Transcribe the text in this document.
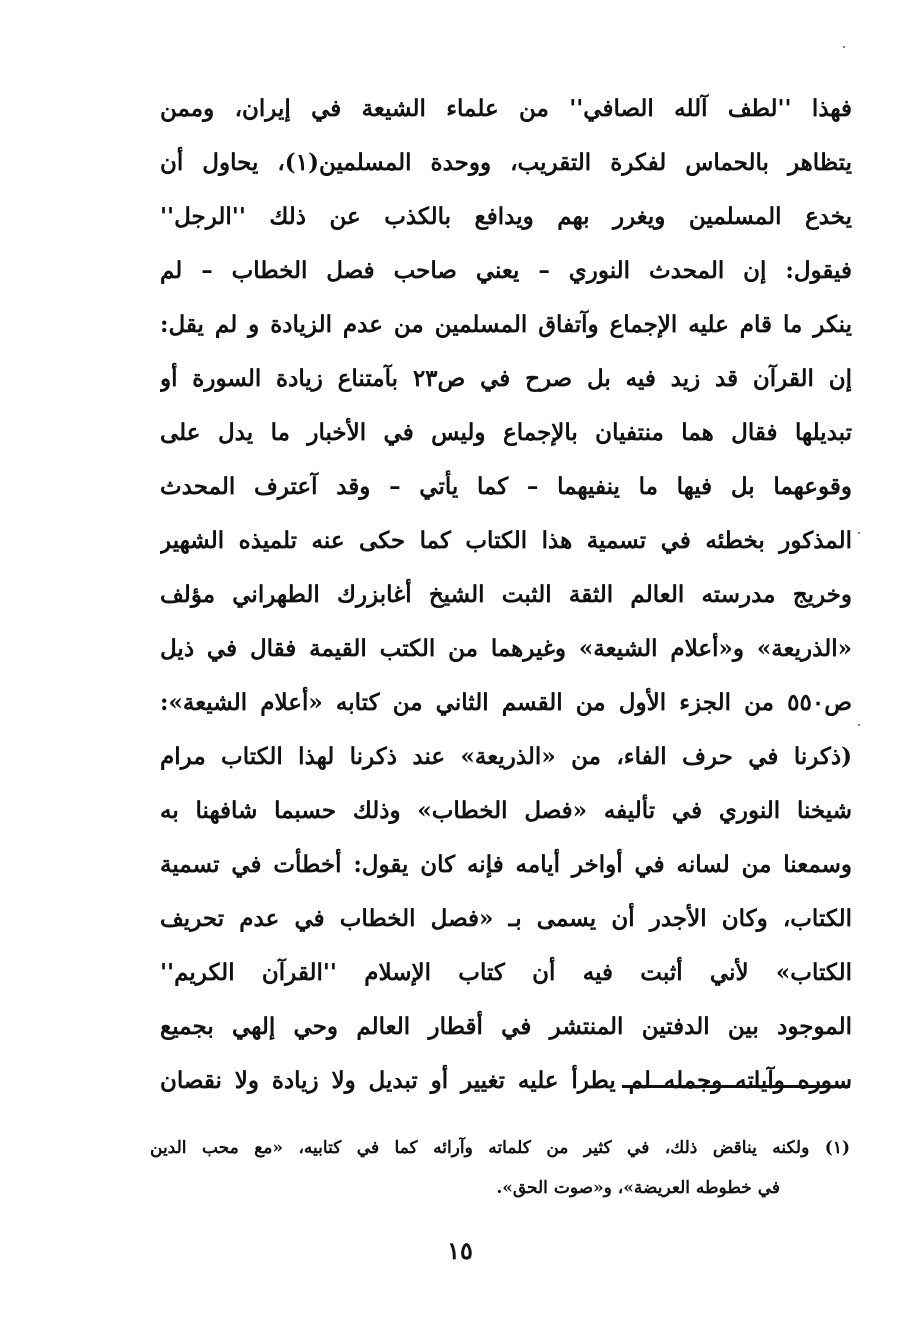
فهذا ''لطف آلله الصافي'' من علماء الشيعة في إيران، وممن
يتظاهر بالحماس لفكرة التقريب، ووحدة المسلمين(١)، يحاول أن
يخدع المسلمين ويغرر بهم ويدافع بالكذب عن ذلك ''الرجل''
فيقول: إن المحدث النوري – يعني صاحب فصل الخطاب – لم
ينكر ما قام عليه الإجماع وآتفاق المسلمين من عدم الزيادة و لم يقل:
إن القرآن قد زيد فيه بل صرح في ص٢٣ بآمتناع زيادة السورة أو
تبديلها فقال هما منتفيان بالإجماع وليس في الأخبار ما يدل على
وقوعهما بل فيها ما ينفيهما – كما يأتي – وقد آعترف المحدث
المذكور بخطئه في تسمية هذا الكتاب كما حكى عنه تلميذه الشهير
وخريج مدرسته العالم الثقة الثبت الشيخ أغابزرك الطهراني مؤلف
«الذريعة» و«أعلام الشيعة» وغيرهما من الكتب القيمة فقال في ذيل
ص٥٥٠ من الجزء الأول من القسم الثاني من كتابه «أعلام الشيعة»:
(ذكرنا في حرف الفاء، من «الذريعة» عند ذكرنا لهذا الكتاب مرام
شيخنا النوري في تأليفه «فصل الخطاب» وذلك حسبما شافهنا به
وسمعنا من لسانه في أواخر أيامه فإنه كان يقول: أخطأت في تسمية
الكتاب، وكان الأجدر أن يسمى بـ «فصل الخطاب في عدم تحريف
الكتاب» لأني أثبت فيه أن كتاب الإسلام ''القرآن الكريم''
الموجود بين الدفتين المنتشر في أقطار العالم وحي إلهي بجميع
سوره وآياته وجمله لم يطرأ عليه تغيير أو تبديل ولا زيادة ولا نقصان
(١) ولكنه يناقض ذلك، في كثير من كلماته وآرائه كما في كتابيه، «مع محب الدين
في خطوطه العريضة»، و«صوت الحق».
١٥
